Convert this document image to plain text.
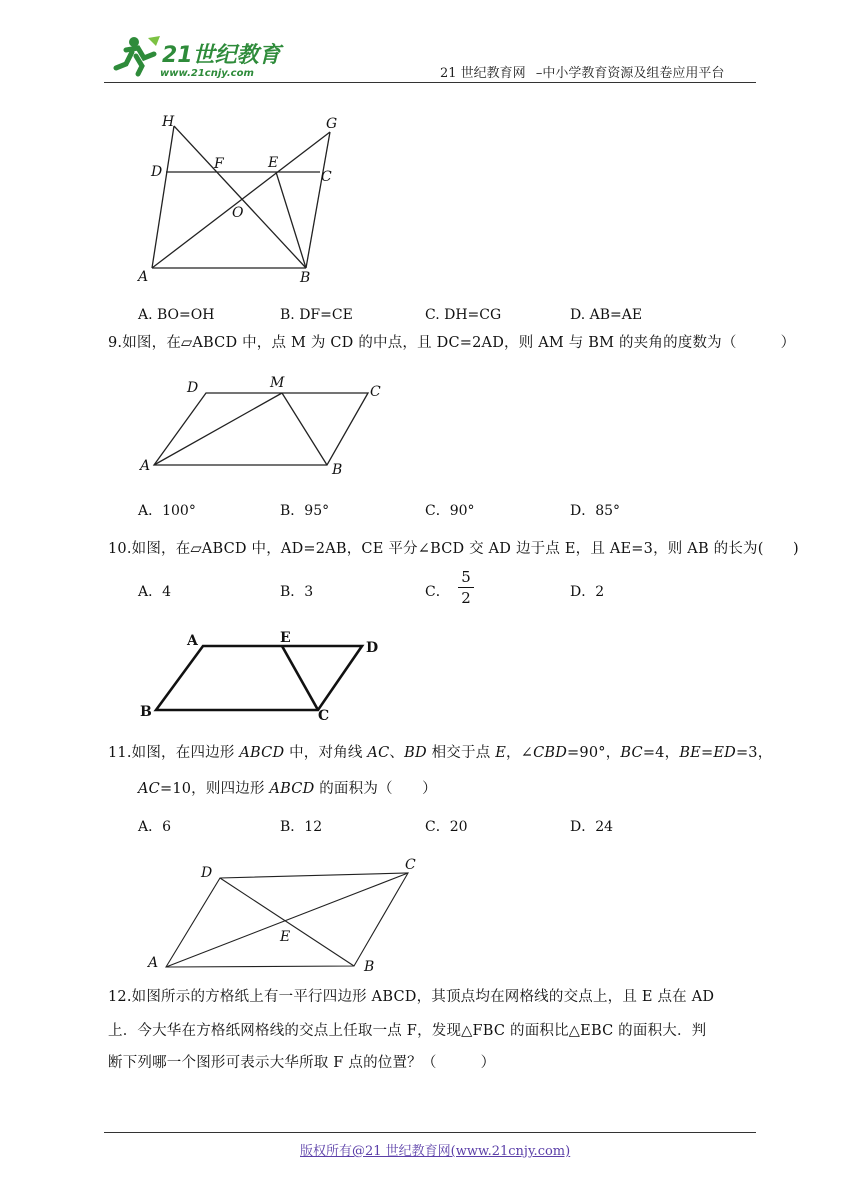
21世纪教育
www.21cnjy.com	21 世纪教育网 –中小学教育资源及组卷应用平台
H	G
D	F	E
C
O
A	B
A. BO=OH	B. DF=CE	C. DH=CG	D. AB=AE
9.如图，在▱ABCD 中，点 M 为 CD 的中点，且 DC=2AD，则 AM 与 BM 的夹角的度数为（　　　）
D	M
C
A	B
A．100°	B．95°	C．90°	D．85°
10.如图，在▱ABCD 中，AD=2AB，CE 平分∠BCD 交 AD 边于点 E，且 AE=3，则 AB 的长为(　　)
A．4	B．3	C．
5
2	D．2
A	E
D
B	C
11.如图，在四边形 ABCD 中，对角线 AC、BD 相交于点 E，∠CBD=90°，BC=4，BE=ED=3，
AC=10，则四边形 ABCD 的面积为（　　）
A．6	B．12	C．20	D．24
D	C
E
A	B
12.如图所示的方格纸上有一平行四边形 ABCD，其顶点均在网格线的交点上，且 E 点在 AD
上．今大华在方格纸网格线的交点上任取一点 F，发现△FBC 的面积比△EBC 的面积大．判
断下列哪一个图形可表示大华所取 F 点的位置？（　　　）
版权所有@21 世纪教育网(www.21cnjy.com)
